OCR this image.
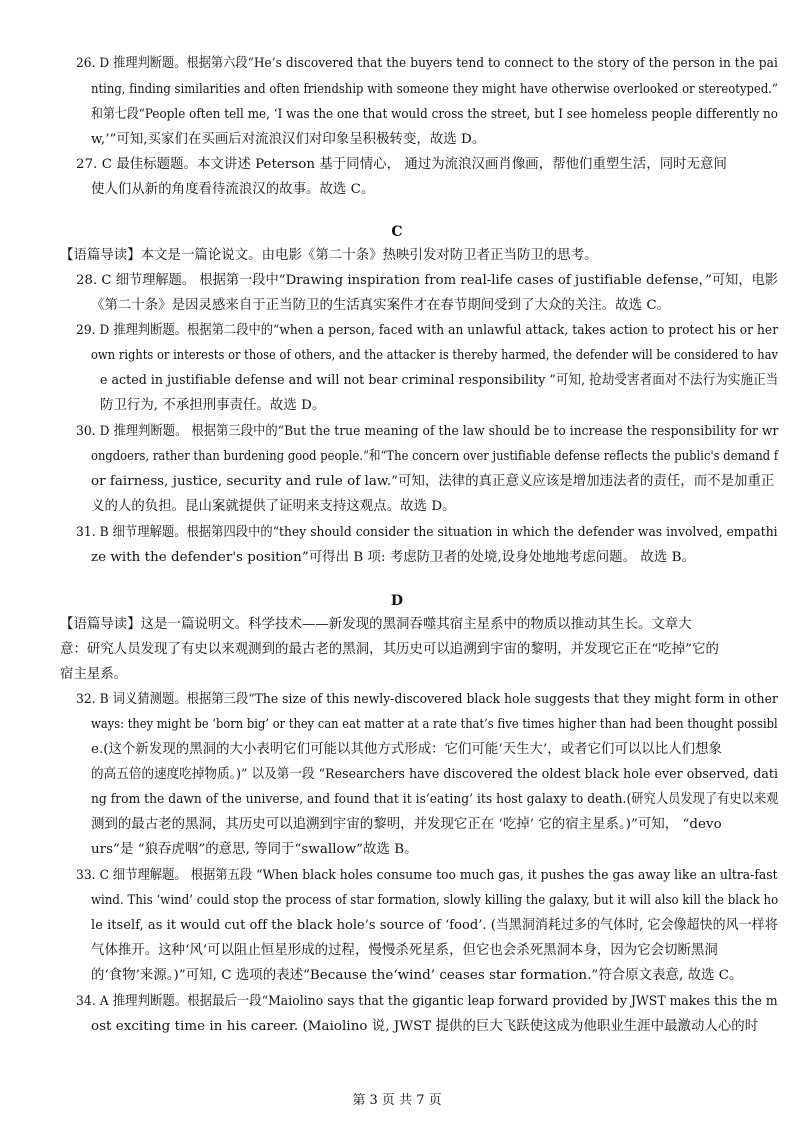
26. D 推理判断题。根据第六段“He’s discovered that the buyers tend to connect to the story of the person in the pai
nting, finding similarities and often friendship with someone they might have otherwise overlooked or stereotyped.”
和第七段“People often tell me, ‘I was the one that would cross the street, but I see homeless people differently no
w,’”可知,买家们在买画后对流浪汉们对印象呈积极转变，故选 D。
27. C 最佳标题题。本文讲述 Peterson 基于同情心， 通过为流浪汉画肖像画，帮他们重塑生活，同时无意间
使人们从新的角度看待流浪汉的故事。故选 C。
C
【语篇导读】本文是一篇论说文。由电影《第二十条》热映引发对防卫者正当防卫的思考。
28. C 细节理解题。 根据第一段中“Drawing inspiration from real-life cases of justifiable defense，”可知，电影
《第二十条》是因灵感来自于正当防卫的生活真实案件才在春节期间受到了大众的关注。故选 C。
29. D 推理判断题。根据第二段中的“when a person, faced with an unlawful attack, takes action to protect his or her
own rights or interests or those of others, and the attacker is thereby harmed, the defender will be considered to hav
e acted in justifiable defense and will not bear criminal responsibility ”可知, 抢劫受害者面对不法行为实施正当
防卫行为, 不承担刑事责任。故选 D。
30. D 推理判断题。 根据第三段中的“But the true meaning of the law should be to increase the responsibility for wr
ongdoers, rather than burdening good people.”和“The concern over justifiable defense reflects the public's demand f
or fairness, justice, security and rule of law.”可知，法律的真正意义应该是增加违法者的责任，而不是加重正
义的人的负担。昆山案就提供了证明来支持这观点。故选 D。
31. B 细节理解题。根据第四段中的“they should consider the situation in which the defender was involved, empathi
ze with the defender's position”可得出 B 项: 考虑防卫者的处境,设身处地地考虑问题。 故选 B。
D
【语篇导读】这是一篇说明文。科学技术——新发现的黑洞吞噬其宿主星系中的物质以推动其生长。文章大
意：研究人员发现了有史以来观测到的最古老的黑洞，其历史可以追溯到宇宙的黎明，并发现它正在“吃掉”它的
宿主星系。
32. B 词义猜测题。根据第三段“The size of this newly-discovered black hole suggests that they might form in other
ways: they might be ‘born big’ or they can eat matter at a rate that’s five times higher than had been thought possibl
e.(这个新发现的黑洞的大小表明它们可能以其他方式形成：它们可能‘天生大’，或者它们可以以比人们想象
的高五倍的速度吃掉物质。)” 以及第一段 “Researchers have discovered the oldest black hole ever observed, dati
ng from the dawn of the universe, and found that it is‘eating’ its host galaxy to death.(研究人员发现了有史以来观
测到的最古老的黑洞，其历史可以追溯到宇宙的黎明，并发现它正在 ‘吃掉’ 它的宿主星系。)”可知， “devo
urs”是 “狼吞虎咽”的意思, 等同于“swallow”故选 B。
33. C 细节理解题。 根据第五段 “When black holes consume too much gas, it pushes the gas away like an ultra-fast
wind. This ‘wind’ could stop the process of star formation, slowly killing the galaxy, but it will also kill the black ho
le itself, as it would cut off the black hole’s source of ‘food’. (当黑洞消耗过多的气体时, 它会像超快的风一样将
气体推开。这种‘风’可以阻止恒星形成的过程，慢慢杀死星系，但它也会杀死黑洞本身，因为它会切断黑洞
的‘食物’来源。)”可知, C 选项的表述“Because the‘wind’ ceases star formation.”符合原文表意, 故选 C。
34. A 推理判断题。根据最后一段“Maiolino says that the gigantic leap forward provided by JWST makes this the m
ost exciting time in his career. (Maiolino 说, JWST 提供的巨大飞跃使这成为他职业生涯中最激动人心的时
第 3 页 共 7 页
